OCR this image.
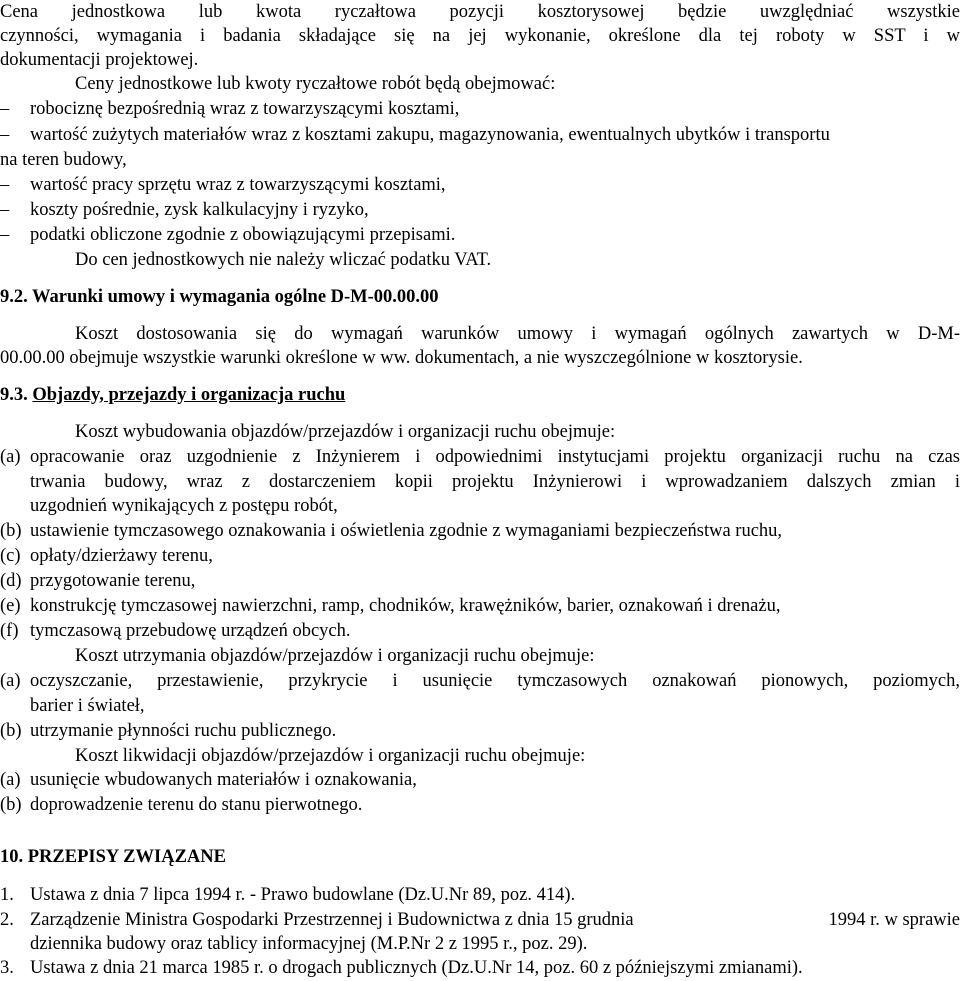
Cena jednostkowa lub kwota ryczałtowa pozycji kosztorysowej będzie uwzględniać wszystkie
czynności, wymagania i badania składające się na jej wykonanie, określone dla tej roboty w SST i w
dokumentacji projektowej.
Ceny jednostkowe lub kwoty ryczałtowe robót będą obejmować:
– robociznę bezpośrednią wraz z towarzyszącymi kosztami,
– wartość zużytych materiałów wraz z kosztami zakupu, magazynowania, ewentualnych ubytków i transportu
na teren budowy,
– wartość pracy sprzętu wraz z towarzyszącymi kosztami,
– koszty pośrednie, zysk kalkulacyjny i ryzyko,
– podatki obliczone zgodnie z obowiązującymi przepisami.
Do cen jednostkowych nie należy wliczać podatku VAT.
9.2. Warunki umowy i wymagania ogólne D-M-00.00.00
Koszt dostosowania się do wymagań warunków umowy i wymagań ogólnych zawartych w D-M-
00.00.00 obejmuje wszystkie warunki określone w ww. dokumentach, a nie wyszczególnione w kosztorysie.
9.3. Objazdy, przejazdy i organizacja ruchu
Koszt wybudowania objazdów/przejazdów i organizacji ruchu obejmuje:
(a) opracowanie oraz uzgodnienie z Inżynierem i odpowiednimi instytucjami projektu organizacji ruchu na czas
trwania budowy, wraz z dostarczeniem kopii projektu Inżynierowi i wprowadzaniem dalszych zmian i
uzgodnień wynikających z postępu robót,
(b) ustawienie tymczasowego oznakowania i oświetlenia zgodnie z wymaganiami bezpieczeństwa ruchu,
(c) opłaty/dzierżawy terenu,
(d) przygotowanie terenu,
(e) konstrukcję tymczasowej nawierzchni, ramp, chodników, krawężników, barier, oznakowań i drenażu,
(f) tymczasową przebudowę urządzeń obcych.
Koszt utrzymania objazdów/przejazdów i organizacji ruchu obejmuje:
(a) oczyszczanie, przestawienie, przykrycie i usunięcie tymczasowych oznakowań pionowych, poziomych,
barier i świateł,
(b) utrzymanie płynności ruchu publicznego.
Koszt likwidacji objazdów/przejazdów i organizacji ruchu obejmuje:
(a) usunięcie wbudowanych materiałów i oznakowania,
(b) doprowadzenie terenu do stanu pierwotnego.
10. PRZEPISY ZWIĄZANE
1. Ustawa z dnia 7 lipca 1994 r. - Prawo budowlane (Dz.U.Nr 89, poz. 414).
2. Zarządzenie Ministra Gospodarki Przestrzennej i Budownictwa z dnia 15 grudnia	1994 r. w sprawie
dziennika budowy oraz tablicy informacyjnej (M.P.Nr 2 z 1995 r., poz. 29).
3. Ustawa z dnia 21 marca 1985 r. o drogach publicznych (Dz.U.Nr 14, poz. 60 z późniejszymi zmianami).
